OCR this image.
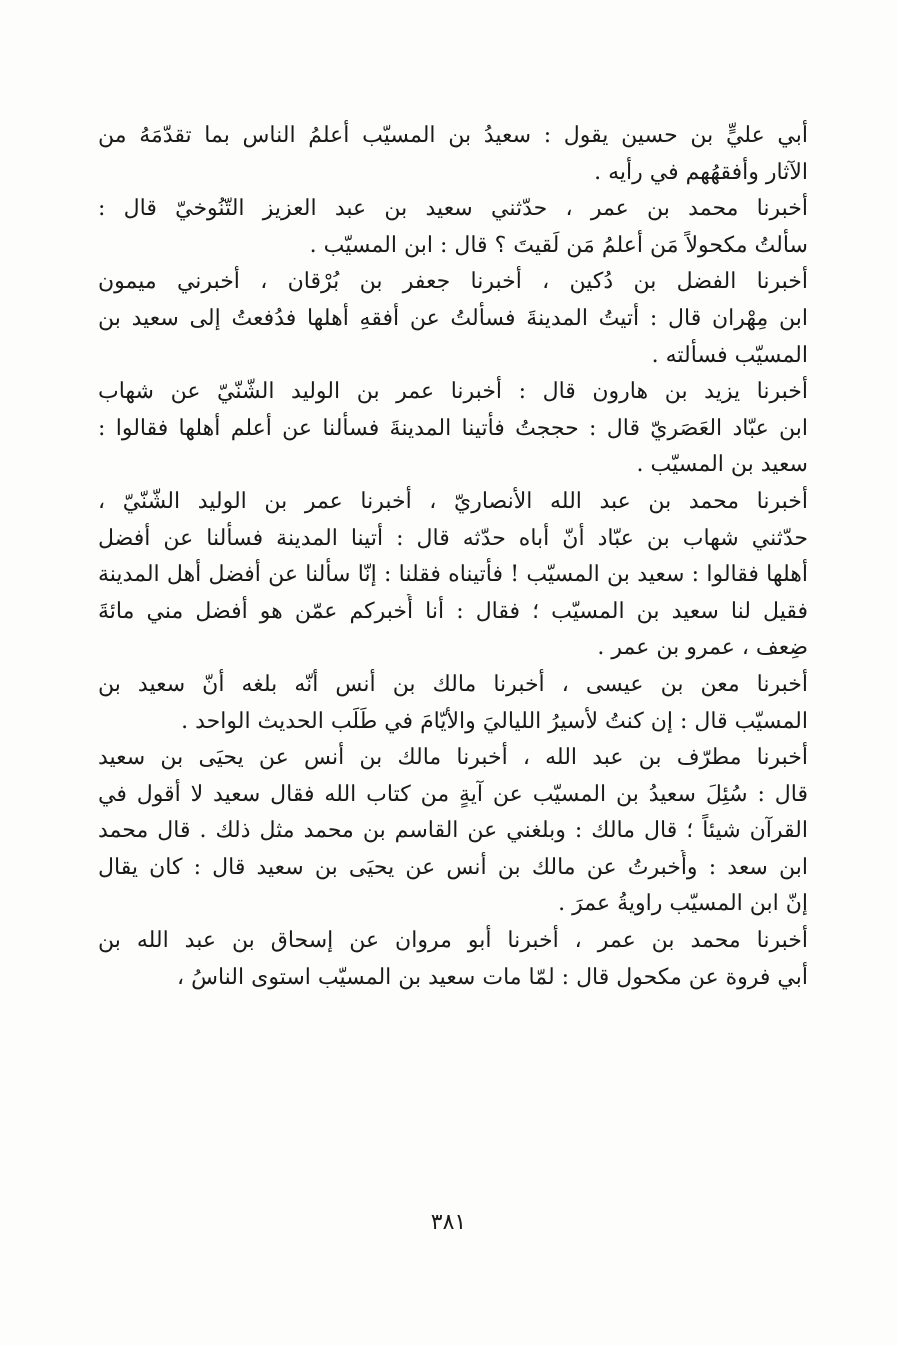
أبي عليٍّ بن حسين يقول : سعيدُ بن المسيّب أعلمُ الناس بما تقدّمَهُ من
الآثار وأفقهُهم في رأيه .
أخبرنا محمد بن عمر ، حدّثني سعيد بن عبد العزيز التّنُوخيّ قال :
سألتُ مكحولاً مَن أعلمُ مَن لَقيتَ ؟ قال : ابن المسيّب .
أخبرنا الفضل بن دُكين ، أخبرنا جعفر بن بُرْقان ، أخبرني ميمون
ابن مِهْران قال : أتيتُ المدينةَ فسألتُ عن أفقهِ أهلها فدُفعتُ إلى سعيد بن
المسيّب فسألته .
أخبرنا يزيد بن هارون قال : أخبرنا عمر بن الوليد الشّنّيّ عن شهاب
ابن عبّاد العَصَريّ قال : حججتُ فأتينا المدينةَ فسألنا عن أعلم أهلها فقالوا :
سعيد بن المسيّب .
أخبرنا محمد بن عبد الله الأنصاريّ ، أخبرنا عمر بن الوليد الشّنّيّ ،
حدّثني شهاب بن عبّاد أنّ أباه حدّثه قال : أتينا المدينة فسألنا عن أفضل
أهلها فقالوا : سعيد بن المسيّب ! فأتيناه فقلنا : إنّا سألنا عن أفضل أهل المدينة
فقيل لنا سعيد بن المسيّب ؛ فقال : أنا أُخبركم عمّن هو أفضل مني مائةَ
ضِعف ، عمرو بن عمر .
أخبرنا معن بن عيسى ، أخبرنا مالك بن أنس أنّه بلغه أنّ سعيد بن
المسيّب قال : إن كنتُ لأسيرُ اللياليَ والأيّامَ في طَلَب الحديث الواحد .
أخبرنا مطرّف بن عبد الله ، أخبرنا مالك بن أنس عن يحيَى بن سعيد
قال : سُئِلَ سعيدُ بن المسيّب عن آيةٍ من كتاب الله فقال سعيد لا أقول في
القرآن شيئاً ؛ قال مالك : وبلغني عن القاسم بن محمد مثل ذلك . قال محمد
ابن سعد : وأُخبرتُ عن مالك بن أنس عن يحيَى بن سعيد قال : كان يقال
إنّ ابن المسيّب راويةُ عمرَ .
أخبرنا محمد بن عمر ، أخبرنا أبو مروان عن إسحاق بن عبد الله بن
أبي فروة عن مكحول قال : لمّا مات سعيد بن المسيّب استوى الناسُ ،
٣٨١
